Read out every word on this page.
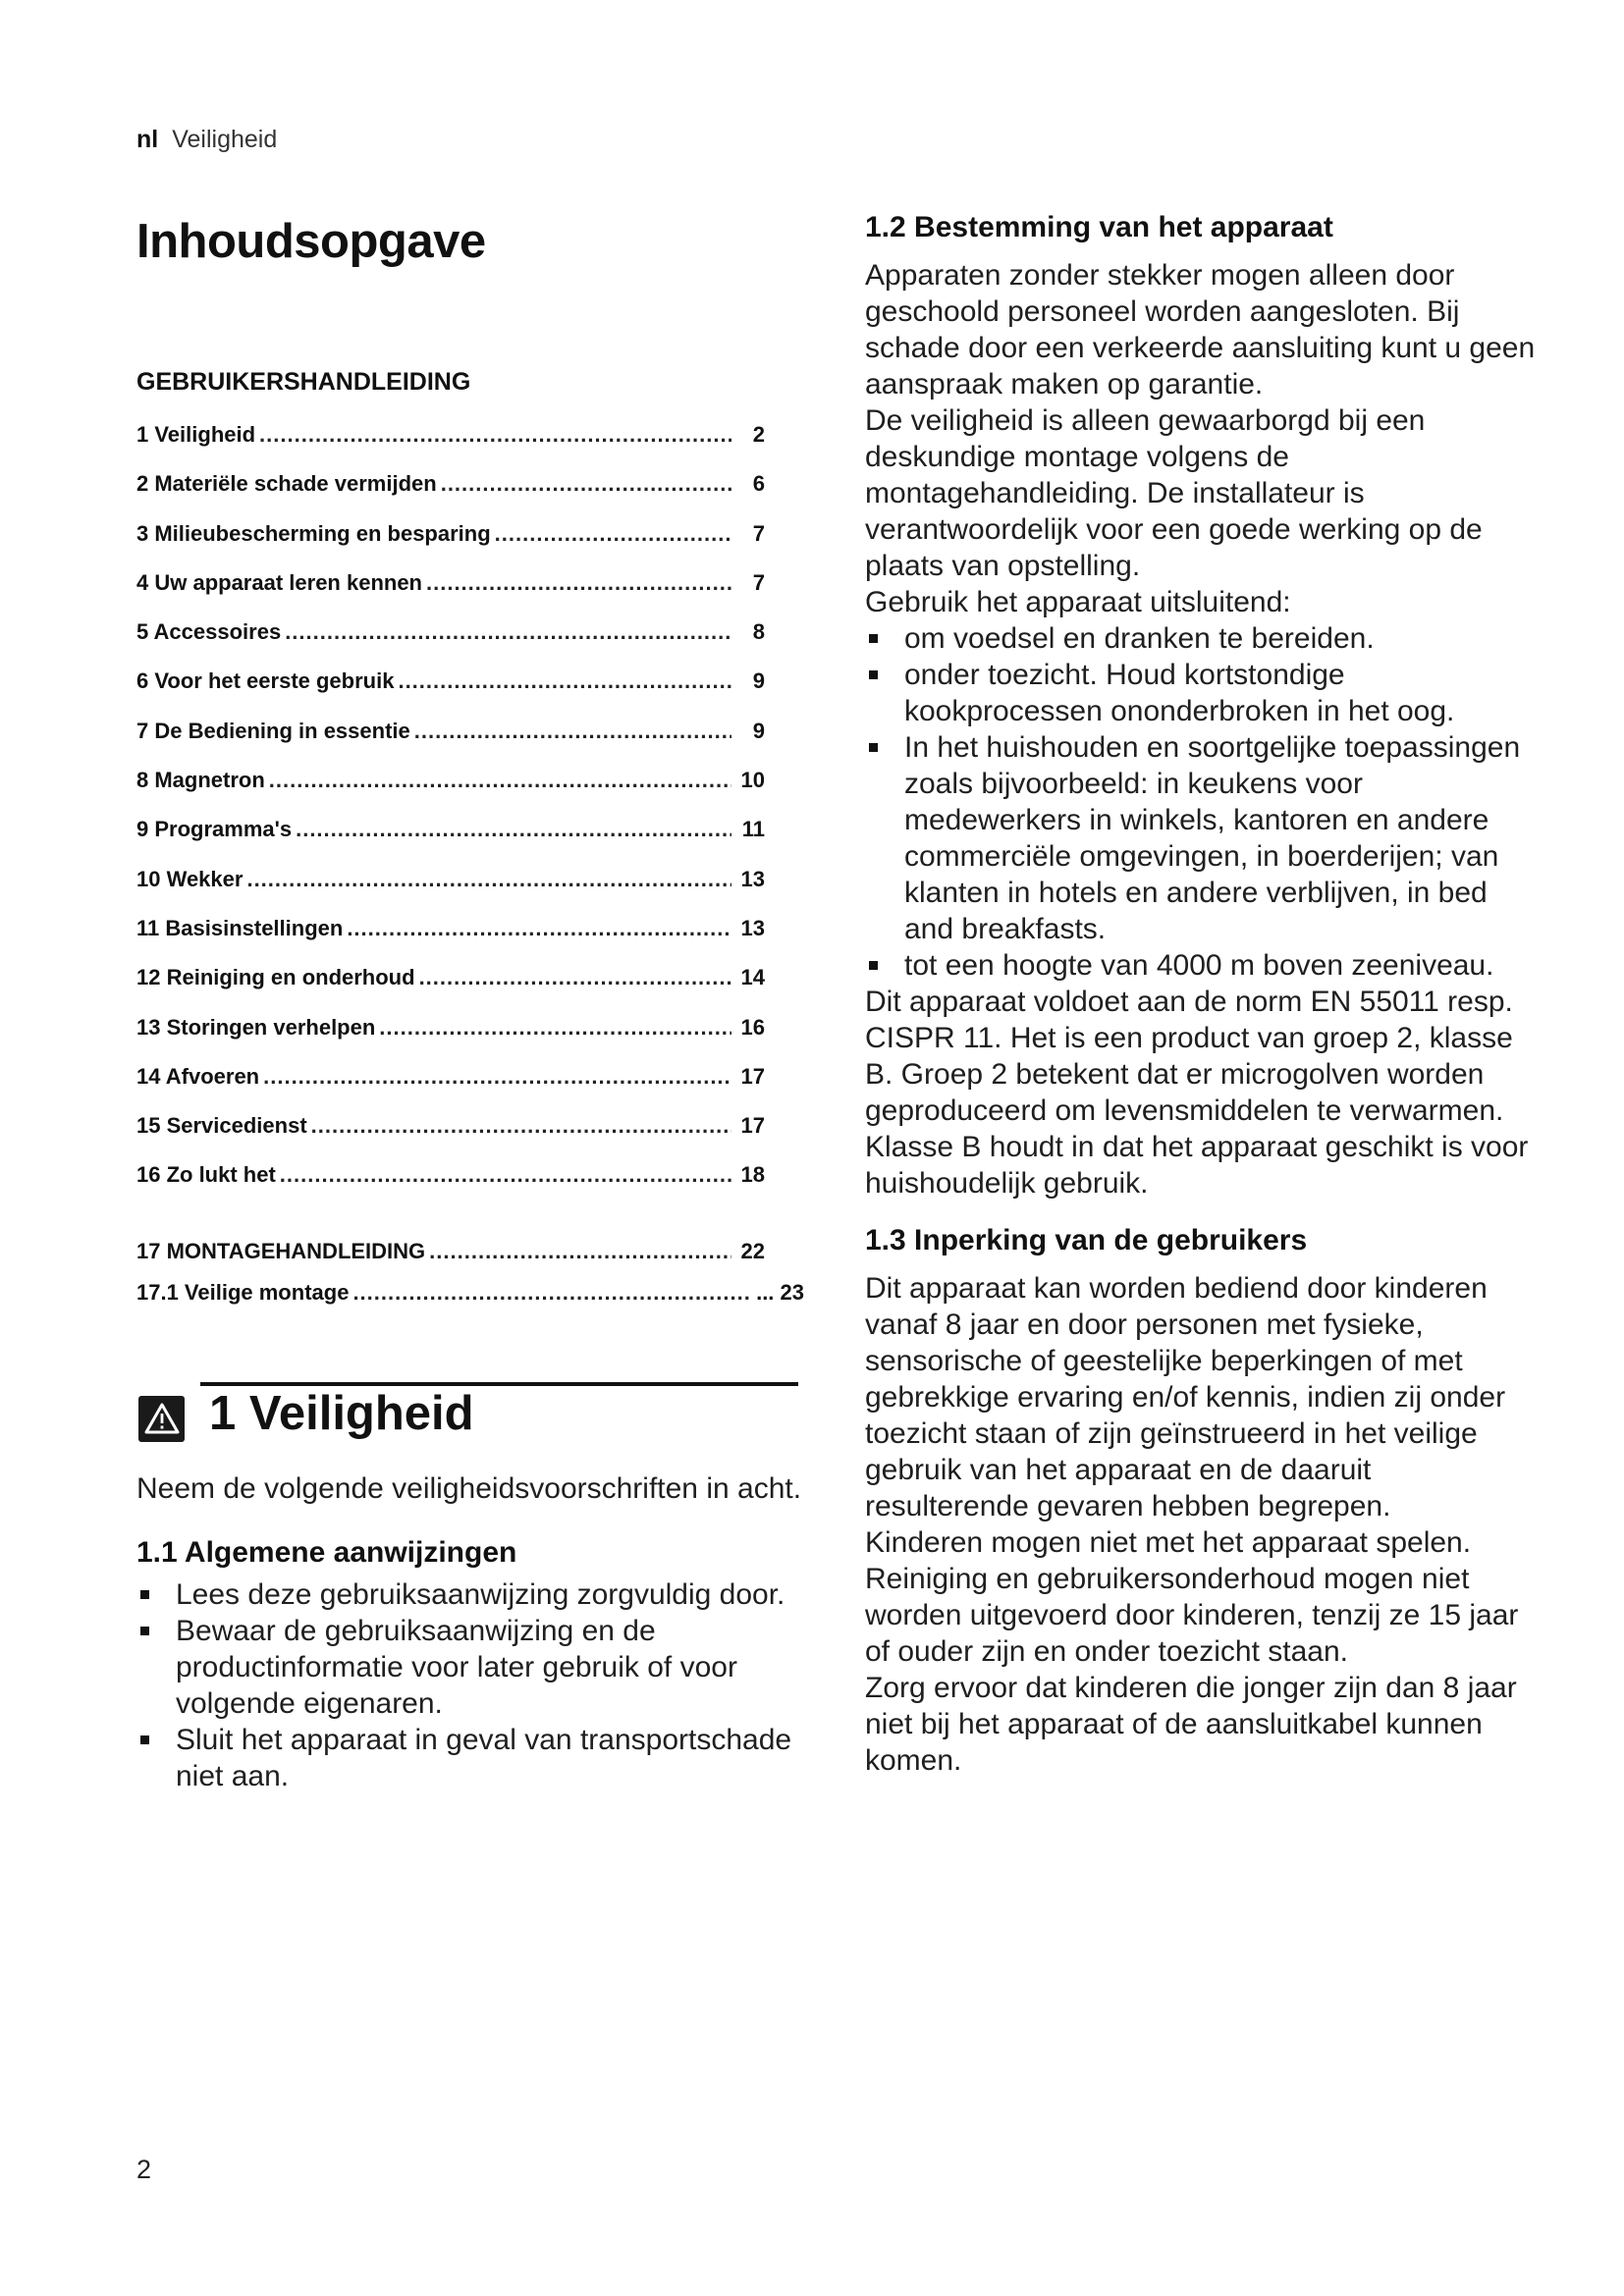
nl Veiligheid
Inhoudsopgave
GEBRUIKERSHANDLEIDING
1 Veiligheid .....	2
2 Materiële schade vermijden .....	6
3 Milieubescherming en besparing .....	7
4 Uw apparaat leren kennen .....	7
5 Accessoires .....	8
6 Voor het eerste gebruik .....	9
7 De Bediening in essentie .....	9
8 Magnetron .....	10
9 Programma's .....	11
10 Wekker .....	13
11 Basisinstellingen .....	13
12 Reiniging en onderhoud .....	14
13 Storingen verhelpen .....	16
14 Afvoeren .....	17
15 Servicedienst .....	17
16 Zo lukt het .....	18
17 MONTAGEHANDLEIDING .....	22
17.1 Veilige montage .....	... 23
1 Veiligheid

Neem de volgende veiligheidsvoorschriften in acht.

1.1 Algemene aanwijzingen
Lees deze gebruiksaanwijzing zorgvuldig door.
Bewaar de gebruiksaanwijzing en de productinformatie voor later gebruik of voor volgende eigenaren.
Sluit het apparaat in geval van transportschade niet aan.
1.2 Bestemming van het apparaat

Apparaten zonder stekker mogen alleen door geschoold personeel worden aangesloten. Bij schade door een verkeerde aansluiting kunt u geen aanspraak maken op garantie.

De veiligheid is alleen gewaarborgd bij een deskundige montage volgens de montagehandleiding. De installateur is verantwoordelijk voor een goede werking op de plaats van opstelling.

Gebruik het apparaat uitsluitend:

om voedsel en dranken te bereiden.
onder toezicht. Houd kortstondige kookprocessen ononderbroken in het oog.
In het huishouden en soortgelijke toepassingen zoals bijvoorbeeld: in keukens voor medewerkers in winkels, kantoren en andere commerciële omgevingen, in boerderijen; van klanten in hotels en andere verblijven, in bed and breakfasts.
tot een hoogte van 4000 m boven zeeniveau.

Dit apparaat voldoet aan de norm EN 55011 resp. CISPR 11. Het is een product van groep 2, klasse B. Groep 2 betekent dat er microgolven worden geproduceerd om levensmiddelen te verwarmen. Klasse B houdt in dat het apparaat geschikt is voor huishoudelijk gebruik.

1.3 Inperking van de gebruikers

Dit apparaat kan worden bediend door kinderen vanaf 8 jaar en door personen met fysieke, sensorische of geestelijke beperkingen of met gebrekkige ervaring en/of kennis, indien zij onder toezicht staan of zijn geïnstrueerd in het veilige gebruik van het apparaat en de daaruit resulterende gevaren hebben begrepen.

Kinderen mogen niet met het apparaat spelen.

Reiniging en gebruikersonderhoud mogen niet worden uitgevoerd door kinderen, tenzij ze 15 jaar of ouder zijn en onder toezicht staan.

Zorg ervoor dat kinderen die jonger zijn dan 8 jaar niet bij het apparaat of de aansluitkabel kunnen komen.

2
